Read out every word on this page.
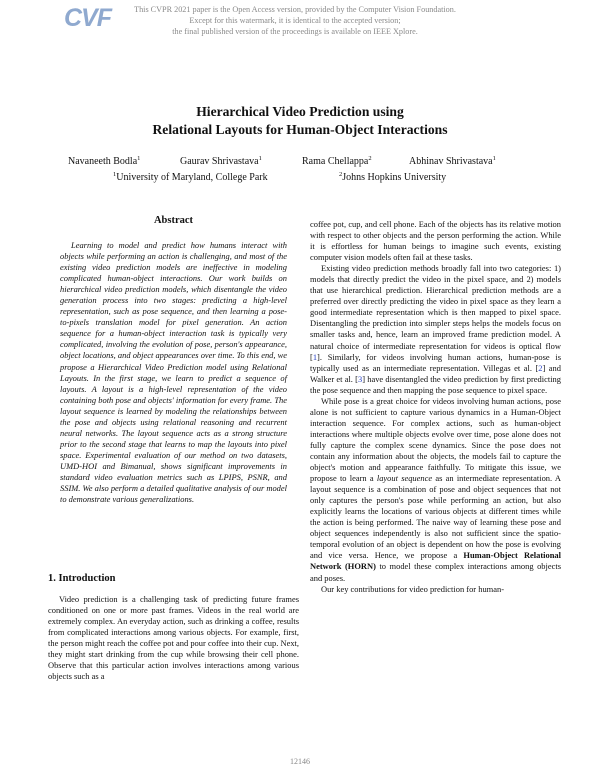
CVF	This CVPR 2021 paper is the Open Access version, provided by the Computer Vision Foundation.
Except for this watermark, it is identical to the accepted version;
the final published version of the proceedings is available on IEEE Xplore.
Hierarchical Video Prediction using
Relational Layouts for Human-Object Interactions
Navaneeth Bodla$^1$	Gaurav Shrivastava$^1$	Rama Chellappa$^2$	Abhinav Shrivastava$^1$
$^1$University of Maryland, College Park	$^2$Johns Hopkins University
Abstract

Learning to model and predict how humans interact with objects while performing an action is challenging, and most of the existing video prediction models are ineffective in modeling complicated human-object interactions. Our work builds on hierarchical video prediction models, which disentangle the video generation process into two stages: predicting a high-level representation, such as pose sequence, and then learning a pose-to-pixels translation model for pixel generation. An action sequence for a human-object interaction task is typically very complicated, involving the evolution of pose, person's appearance, object locations, and object appearances over time. To this end, we propose a Hierarchical Video Prediction model using Relational Layouts. In the first stage, we learn to predict a sequence of layouts. A layout is a high-level representation of the video containing both pose and objects' information for every frame. The layout sequence is learned by modeling the relationships between the pose and objects using relational reasoning and recurrent neural networks. The layout sequence acts as a strong structure prior to the second stage that learns to map the layouts into pixel space. Experimental evaluation of our method on two datasets, UMD-HOI and Bimanual, shows significant improvements in standard video evaluation metrics such as LPIPS, PSNR, and SSIM. We also perform a detailed qualitative analysis of our model to demonstrate various generalizations.

1. Introduction

Video prediction is a challenging task of predicting future frames conditioned on one or more past frames. Videos in the real world are extremely complex. An everyday action, such as drinking a coffee, results from complicated interactions among various objects. For example, first, the person might reach the coffee pot and pour coffee into their cup. Next, they might start drinking from the cup while browsing their cell phone. Observe that this particular action involves interactions among various objects such as a

coffee pot, cup, and cell phone. Each of the objects has its relative motion with respect to other objects and the person performing the action. While it is effortless for human beings to imagine such events, existing computer vision models often fail at these tasks.

Existing video prediction methods broadly fall into two categories: 1) models that directly predict the video in the pixel space, and 2) models that use hierarchical prediction. Hierarchical prediction methods are a preferred over directly predicting the video in pixel space as they learn a good intermediate representation which is then mapped to pixel space. Disentangling the prediction into simpler steps helps the models focus on smaller tasks and, hence, learn an improved frame prediction model. A natural choice of intermediate representation for videos is optical flow [1]. Similarly, for videos involving human actions, human-pose is typically used as an intermediate representation. Villegas et al. [2] and Walker et al. [3] have disentangled the video prediction by first predicting the pose sequence and then mapping the pose sequence to pixel space.

While pose is a great choice for videos involving human actions, pose alone is not sufficient to capture various dynamics in a Human-Object interaction sequence. For complex actions, such as human-object interactions where multiple objects evolve over time, pose alone does not fully capture the complex scene dynamics. Since the pose does not contain any information about the objects, the models fail to capture the object's motion and appearance faithfully. To mitigate this issue, we propose to learn a layout sequence as an intermediate representation. A layout sequence is a combination of pose and object sequences that not only captures the person's pose while performing an action, but also explicitly learns the locations of various objects at different times while the action is being performed. The naive way of learning these pose and object sequences independently is also not sufficient since the spatio-temporal evolution of an object is dependent on how the pose is evolving and vice versa. Hence, we propose a Human-Object Relational Network (HORN) to model these complex interactions among objects and poses.

Our key contributions for video prediction for human-

12146
